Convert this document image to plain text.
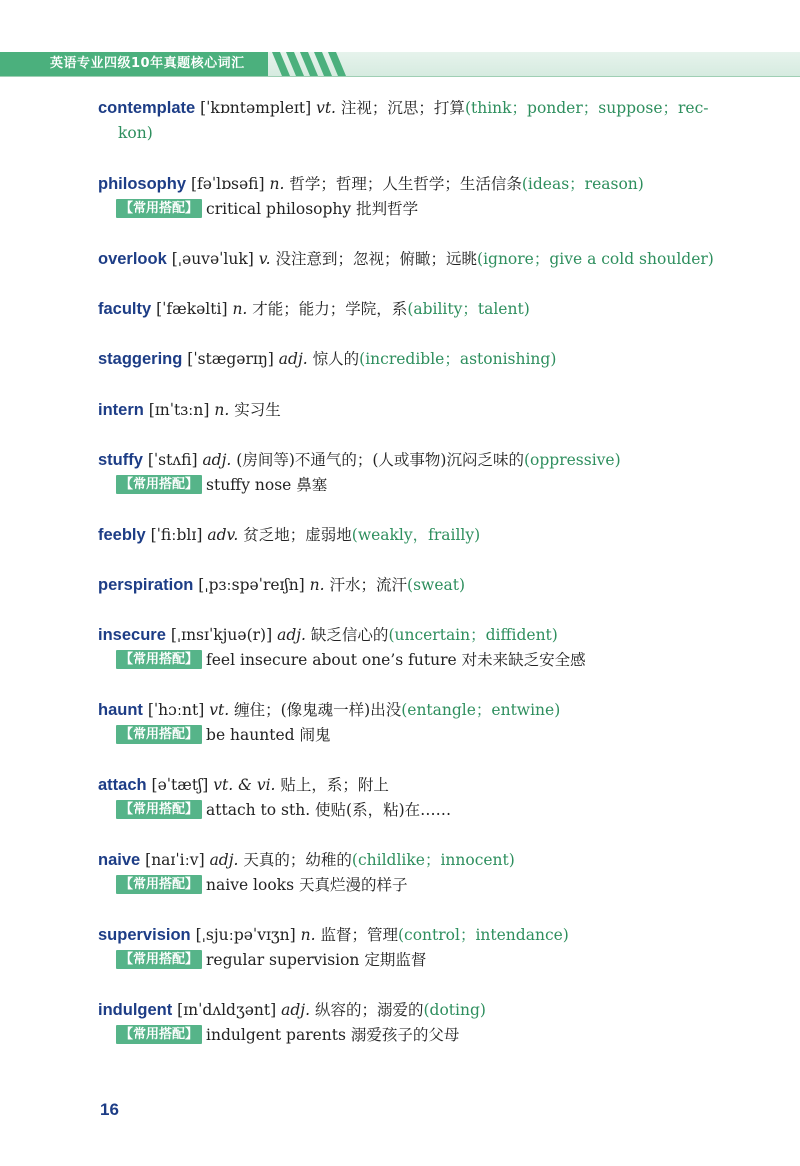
英语专业四级10年真题核心词汇
contemplate [ˈkɒntəmpleɪt] vt. 注视；沉思；打算(think；ponder；suppose；rec-
kon)
philosophy [fəˈlɒsəfi] n. 哲学；哲理；人生哲学；生活信条(ideas；reason)
【常用搭配】 critical philosophy 批判哲学
overlook [ˌəuvəˈluk] v. 没注意到；忽视；俯瞰；远眺(ignore；give a cold shoulder)
faculty [ˈfækəlti] n. 才能；能力；学院，系(ability；talent)
staggering [ˈstægərɪŋ] adj. 惊人的(incredible；astonishing)
intern [ɪnˈtɜːn] n. 实习生
stuffy [ˈstʌfi] adj. (房间等)不通气的；(人或事物)沉闷乏味的(oppressive)
【常用搭配】 stuffy nose 鼻塞
feebly [ˈfiːblɪ] adv. 贫乏地；虚弱地(weakly，frailly)
perspiration [ˌpɜːspəˈreɪʃn] n. 汗水；流汗(sweat)
insecure [ˌɪnsɪˈkjuə(r)] adj. 缺乏信心的(uncertain；diffident)
【常用搭配】 feel insecure about one’s future 对未来缺乏安全感
haunt [ˈhɔːnt] vt. 缠住；(像鬼魂一样)出没(entangle；entwine)
【常用搭配】 be haunted 闹鬼
attach [əˈtætʃ] vt. & vi. 贴上，系；附上
【常用搭配】 attach to sth. 使贴(系，粘)在……
naive [naɪˈiːv] adj. 天真的；幼稚的(childlike；innocent)
【常用搭配】 naive looks 天真烂漫的样子
supervision [ˌsjuːpəˈvɪʒn] n. 监督；管理(control；intendance)
【常用搭配】 regular supervision 定期监督
indulgent [ɪnˈdʌldʒənt] adj. 纵容的；溺爱的(doting)
【常用搭配】 indulgent parents 溺爱孩子的父母
16
